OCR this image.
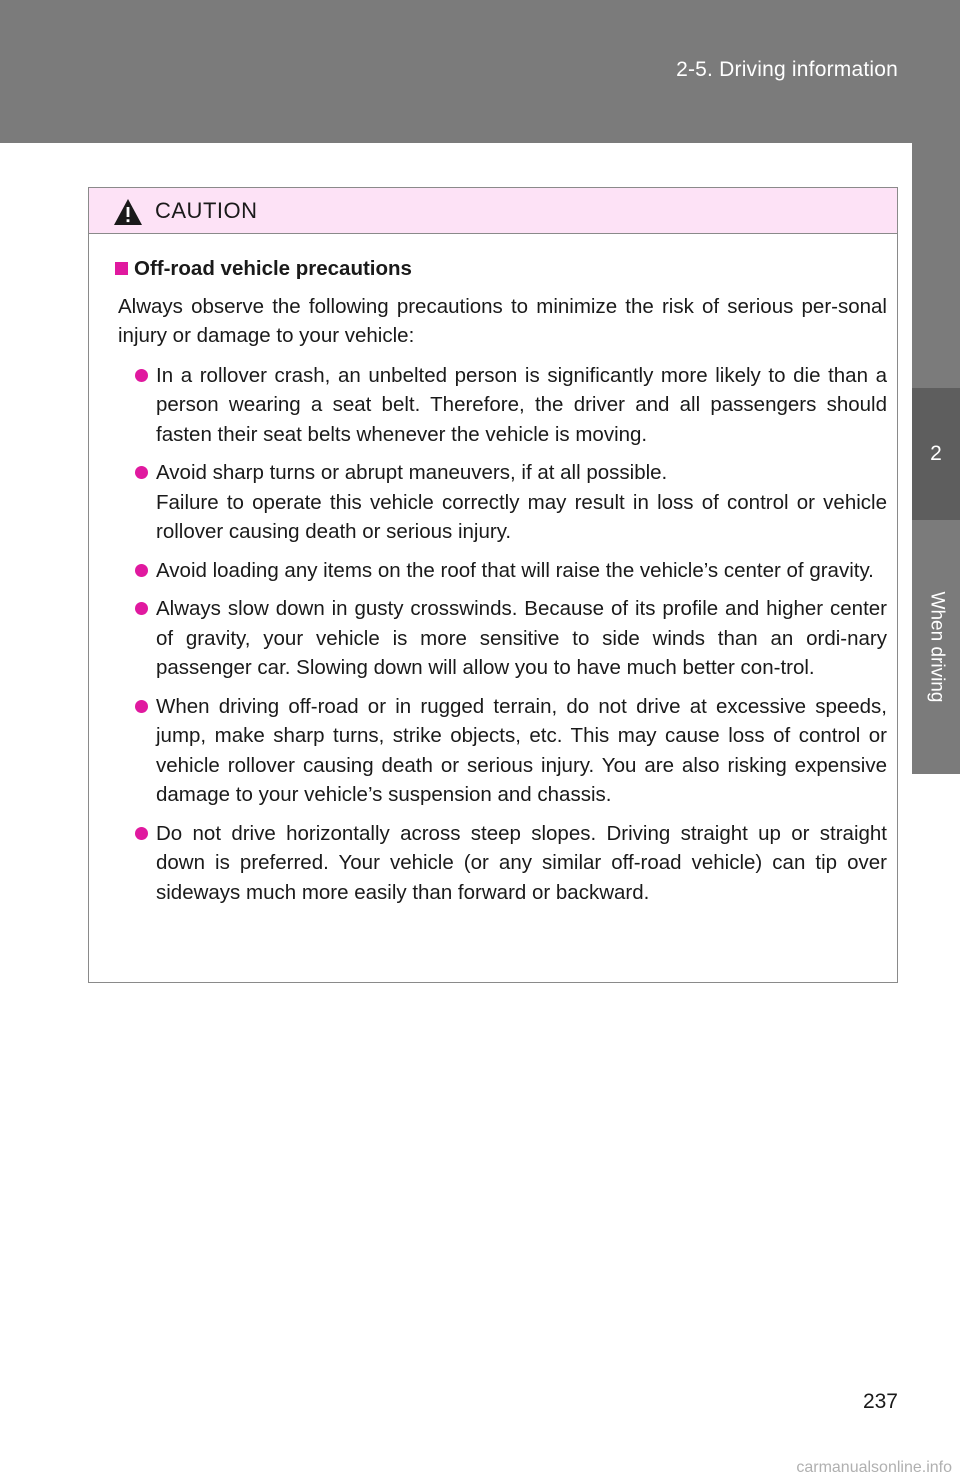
2-5. Driving information
2
When driving
CAUTION
Off-road vehicle precautions

Always observe the following precautions to minimize the risk of serious per-sonal injury or damage to your vehicle:

In a rollover crash, an unbelted person is significantly more likely to die than a person wearing a seat belt. Therefore, the driver and all passengers should fasten their seat belts whenever the vehicle is moving.

Avoid sharp turns or abrupt maneuvers, if at all possible.

Failure to operate this vehicle correctly may result in loss of control or vehicle rollover causing death or serious injury.

Avoid loading any items on the roof that will raise the vehicle’s center of gravity.

Always slow down in gusty crosswinds. Because of its profile and higher center of gravity, your vehicle is more sensitive to side winds than an ordi-nary passenger car. Slowing down will allow you to have much better con-trol.

When driving off-road or in rugged terrain, do not drive at excessive speeds, jump, make sharp turns, strike objects, etc. This may cause loss of control or vehicle rollover causing death or serious injury. You are also risking expensive damage to your vehicle’s suspension and chassis.

Do not drive horizontally across steep slopes. Driving straight up or straight down is preferred. Your vehicle (or any similar off-road vehicle) can tip over sideways much more easily than forward or backward.

237
carmanualsonline.info
